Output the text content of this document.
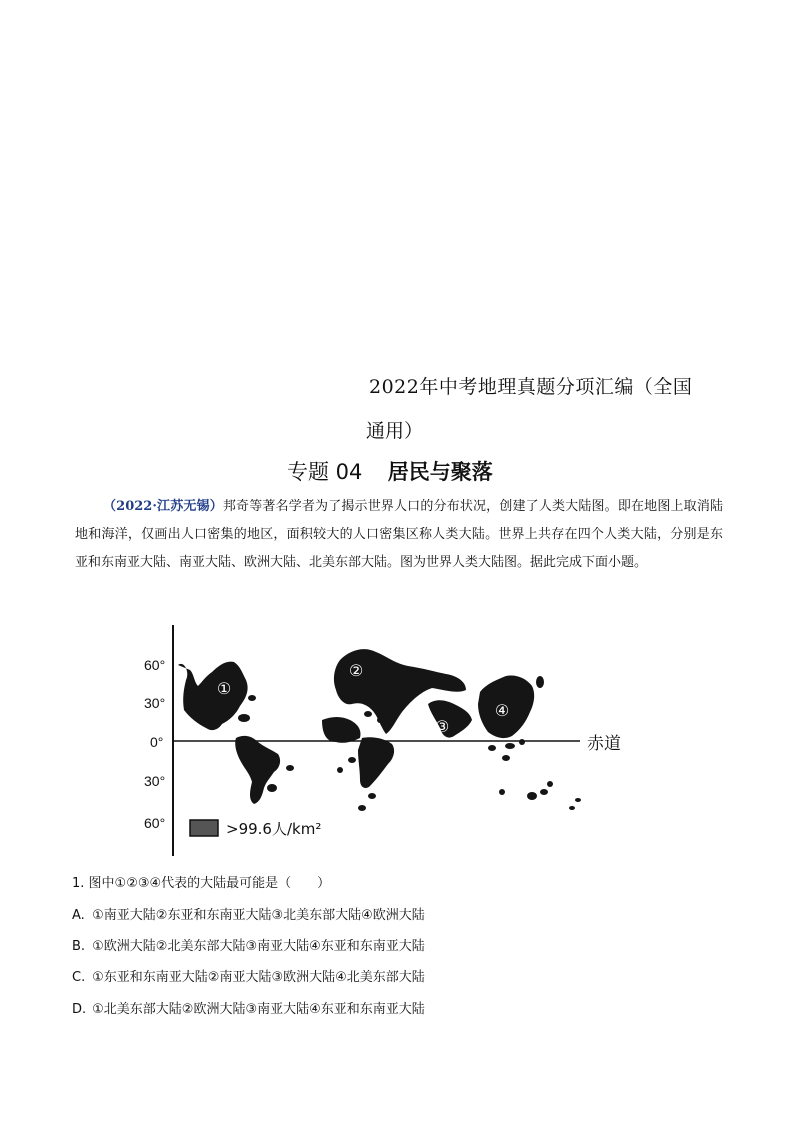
2022年中考地理真题分项汇编（全国
通用）
专题 04 居民与聚落
（2022·江苏无锡）邦奇等著名学者为了揭示世界人口的分布状况，创建了人类大陆图。即在地图上取消陆地和海洋，仅画出人口密集的地区，面积较大的人口密集区称人类大陆。世界上共存在四个人类大陆，分别是东亚和东南亚大陆、南亚大陆、欧洲大陆、北美东部大陆。图为世界人类大陆图。据此完成下面小题。
60°
30°
0°
30°
60°
赤道
①
②
③
④
>99.6人/km²
1. 图中①②③④代表的大陆最可能是（　　）
A. ①南亚大陆②东亚和东南亚大陆③北美东部大陆④欧洲大陆
B. ①欧洲大陆②北美东部大陆③南亚大陆④东亚和东南亚大陆
C. ①东亚和东南亚大陆②南亚大陆③欧洲大陆④北美东部大陆
D. ①北美东部大陆②欧洲大陆③南亚大陆④东亚和东南亚大陆
